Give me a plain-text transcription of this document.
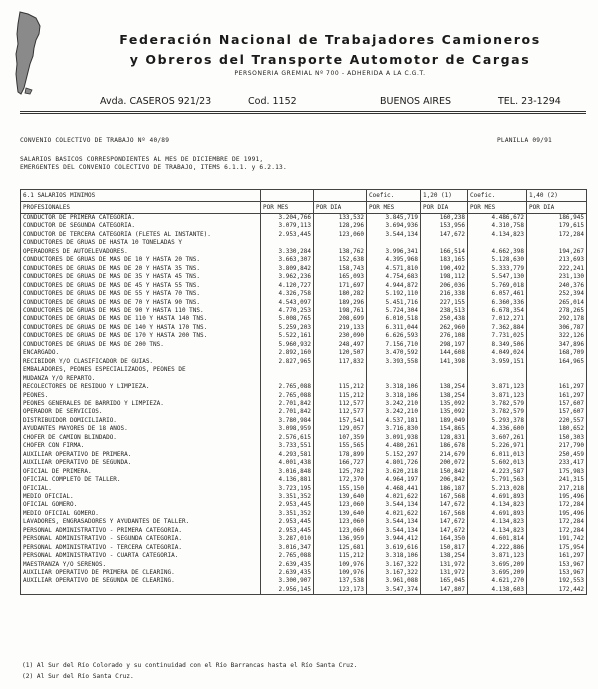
Federación Nacional de Trabajadores Camioneros
y Obreros del Transporte Automotor de Cargas
PERSONERIA GREMIAL Nº 700 - ADHERIDA A LA C.G.T.
Avda. CASEROS 921/23	Cod. 1152	BUENOS AIRES	TEL. 23-1294
CONVENIO COLECTIVO DE TRABAJO Nº 40/89	PLANILLA 09/91
SALARIOS BASICOS CORRESPONDIENTES AL MES DE DICIEMBRE DE 1991,
EMERGENTES DEL CONVENIO COLECTIVO DE TRABAJO, ITEMS 6.1.1. y 6.2.13.
6.1 SALARIOS MINIMOS			Coefic.	1,20 (1)	Coefic.	1,40 (2)
PROFESIONALES	POR MES	POR DIA	POR MES	POR DIA	POR MES	POR DIA
CONDUCTOR DE PRIMERA CATEGORIA.	3.204,766	133,532	3.845,719	160,238	4.486,672	186,945
CONDUCTOR DE SEGUNDA CATEGORIA.	3.079,113	128,296	3.694,936	153,956	4.310,758	179,615
CONDUCTOR DE TERCERA CATEGORIA (FLETES AL INSTANTE).	2.953,445	123,060	3.544,134	147,672	4.134,823	172,284
CONDUCTORES DE GRUAS DE HASTA 10 TONELADAS Y						
OPERADORES DE AUTOELEVADORES.	3.330,284	138,762	3.996,341	166,514	4.662,398	194,267
CONDUCTORES DE GRUAS DE MAS DE 10 Y HASTA 20 TNS.	3.663,307	152,638	4.395,968	183,165	5.128,630	213,693
CONDUCTORES DE GRUAS DE MAS DE 20 Y HASTA 35 TNS.	3.809,842	158,743	4.571,810	190,492	5.333,779	222,241
CONDUCTORES DE GRUAS DE MAS DE 35 Y HASTA 45 TNS.	3.962,236	165,093	4.754,683	198,112	5.547,130	231,130
CONDUCTORES DE GRUAS DE MAS DE 45 Y HASTA 55 TNS.	4.120,727	171,697	4.944,872	206,036	5.769,018	240,376
CONDUCTORES DE GRUAS DE MAS DE 55 Y HASTA 70 TNS.	4.326,758	180,282	5.192,110	216,338	6.057,461	252,394
CONDUCTORES DE GRUAS DE MAS DE 70 Y HASTA 90 TNS.	4.543,097	189,296	5.451,716	227,155	6.360,336	265,014
CONDUCTORES DE GRUAS DE MAS DE 90 Y HASTA 110 TNS.	4.770,253	198,761	5.724,304	238,513	6.678,354	278,265
CONDUCTORES DE GRUAS DE MAS DE 110 Y HASTA 140 TNS.	5.008,765	208,699	6.010,518	250,438	7.012,271	292,178
CONDUCTORES DE GRUAS DE MAS DE 140 Y HASTA 170 TNS.	5.259,203	219,133	6.311,044	262,960	7.362,884	306,787
CONDUCTORES DE GRUAS DE MAS DE 170 Y HASTA 200 TNS.	5.522,161	230,090	6.626,593	276,108	7.731,025	322,126
CONDUCTORES DE GRUAS DE MAS DE 200 TNS.	5.960,932	248,497	7.156,710	298,197	8.349,506	347,896
ENCARGADO.	2.892,160	120,507	3.470,592	144,608	4.049,024	168,709
RECIBIDOR Y/O CLASIFICADOR DE GUIAS.	2.827,965	117,832	3.393,558	141,398	3.959,151	164,965
EMBALADORES, PEONES ESPECIALIZADOS, PEONES DE						
MUDANZA Y/O REPARTO.						
RECOLECTORES DE RESIDUO Y LIMPIEZA.	2.765,088	115,212	3.318,106	138,254	3.871,123	161,297
PEONES.	2.765,088	115,212	3.318,106	138,254	3.871,123	161,297
PEONES GENERALES DE BARRIDO Y LIMPIEZA.	2.701,842	112,577	3.242,210	135,092	3.782,579	157,607
OPERADOR DE SERVICIOS.	2.701,842	112,577	3.242,210	135,092	3.782,579	157,607
DISTRIBUIDOR DOMICILIARIO.	3.780,984	157,541	4.537,181	189,049	5.293,378	220,557
AYUDANTES MAYORES DE 18 AÑOS.	3.098,959	129,057	3.716,830	154,865	4.336,600	180,652
CHOFER DE CAMION BLINDADO.	2.576,615	107,359	3.091,938	128,831	3.607,261	150,303
CHOFER CON FIRMA.	3.733,551	155,565	4.480,261	186,678	5.226,971	217,790
AUXILIAR OPERATIVO DE PRIMERA.	4.293,581	178,899	5.152,297	214,679	6.011,013	250,459
AUXILIAR OPERATIVO DE SEGUNDA.	4.001,438	166,727	4.801,726	200,072	5.602,013	233,417
OFICIAL DE PRIMERA.	3.016,848	125,702	3.620,218	150,842	4.223,587	175,983
OFICIAL COMPLETO DE TALLER.	4.136,881	172,370	4.964,197	206,842	5.791,563	241,315
OFICIAL.	3.723,195	155,150	4.468,441	186,187	5.213,028	217,218
MEDIO OFICIAL.	3.351,352	139,640	4.021,622	167,568	4.691,893	195,496
OFICIAL GOMERO.	2.953,445	123,060	3.544,134	147,672	4.134,823	172,284
MEDIO OFICIAL GOMERO.	3.351,352	139,640	4.021,622	167,568	4.691,893	195,496
LAVADORES, ENGRASADORES Y AYUDANTES DE TALLER.	2.953,445	123,060	3.544,134	147,672	4.134,823	172,284
PERSONAL ADMINISTRATIVO - PRIMERA CATEGORIA.	2.953,445	123,060	3.544,134	147,672	4.134,823	172,284
PERSONAL ADMINISTRATIVO - SEGUNDA CATEGORIA.	3.287,010	136,959	3.944,412	164,350	4.601,814	191,742
PERSONAL ADMINISTRATIVO - TERCERA CATEGORIA.	3.016,347	125,681	3.619,616	150,817	4.222,886	175,954
PERSONAL ADMINISTRATIVO - CUARTA CATEGORIA.	2.765,088	115,212	3.318,106	138,254	3.871,123	161,297
MAESTRANZA Y/O SERENOS.	2.639,435	109,976	3.167,322	131,972	3.695,209	153,967
AUXILIAR OPERATIVO DE PRIMERA DE CLEARING.	2.639,435	109,976	3.167,322	131,972	3.695,209	153,967
AUXILIAR OPERATIVO DE SEGUNDA DE CLEARING.	3.300,907	137,538	3.961,088	165,045	4.621,270	192,553
	2.956,145	123,173	3.547,374	147,807	4.138,603	172,442
(1) Al Sur del Río Colorado y su continuidad con el Río Barrancas hasta el Río Santa Cruz.
(2) Al Sur del Río Santa Cruz.
